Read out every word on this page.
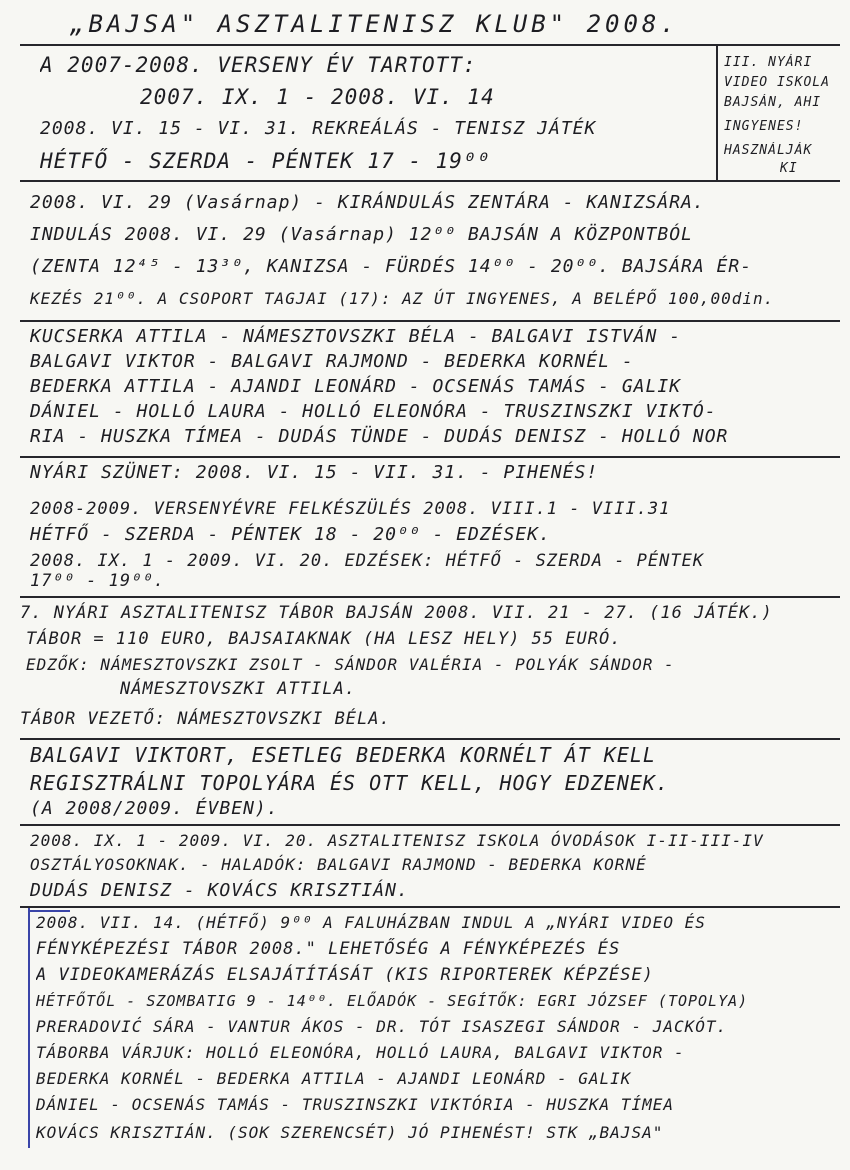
„BAJSA" ASZTALITENISZ KLUB" 2008.
A 2007-2008. VERSENY ÉV TARTOTT:
2007. IX. 1 - 2008. VI. 14
2008. VI. 15 - VI. 31. REKREÁLÁS - TENISZ JÁTÉK
HÉTFŐ - SZERDA - PÉNTEK 17 - 19⁰⁰
III. NYÁRI
VIDEO ISKOLA
BAJSÁN, AHI
INGYENES!
HASZNÁLJÁK
KI
2008. VI. 29 (Vasárnap) - KIRÁNDULÁS ZENTÁRA - KANIZSÁRA.
INDULÁS 2008. VI. 29 (Vasárnap) 12⁰⁰ BAJSÁN A KÖZPONTBÓL
(ZENTA 12⁴⁵ - 13³⁰, KANIZSA - FÜRDÉS 14⁰⁰ - 20⁰⁰. BAJSÁRA ÉR-
KEZÉS 21⁰⁰. A CSOPORT TAGJAI (17): AZ ÚT INGYENES, A BELÉPŐ 100,00din.
KUCSERKA ATTILA - NÁMESZTOVSZKI BÉLA - BALGAVI ISTVÁN -
BALGAVI VIKTOR - BALGAVI RAJMOND - BEDERKA KORNÉL -
BEDERKA ATTILA - AJANDI LEONÁRD - OCSENÁS TAMÁS - GALIK
DÁNIEL - HOLLÓ LAURA - HOLLÓ ELEONÓRA - TRUSZINSZKI VIKTÓ-
RIA - HUSZKA TÍMEA - DUDÁS TÜNDE - DUDÁS DENISZ - HOLLÓ NOR
NYÁRI SZÜNET: 2008. VI. 15 - VII. 31. - PIHENÉS!
2008-2009. VERSENYÉVRE FELKÉSZÜLÉS 2008. VIII.1 - VIII.31
HÉTFŐ - SZERDA - PÉNTEK 18 - 20⁰⁰ - EDZÉSEK.
2008. IX. 1 - 2009. VI. 20. EDZÉSEK: HÉTFŐ - SZERDA - PÉNTEK
17⁰⁰ - 19⁰⁰.
7. NYÁRI ASZTALITENISZ TÁBOR BAJSÁN 2008. VII. 21 - 27. (16 JÁTÉK.)
TÁBOR = 110 EURO, BAJSAIAKNAK (HA LESZ HELY) 55 EURÓ.
EDZŐK: NÁMESZTOVSZKI ZSOLT - SÁNDOR VALÉRIA - POLYÁK SÁNDOR -
NÁMESZTOVSZKI ATTILA.
TÁBOR VEZETŐ: NÁMESZTOVSZKI BÉLA.
BALGAVI VIKTORT, ESETLEG BEDERKA KORNÉLT ÁT KELL
REGISZTRÁLNI TOPOLYÁRA ÉS OTT KELL, HOGY EDZENEK.
(A 2008/2009. ÉVBEN).
2008. IX. 1 - 2009. VI. 20. ASZTALITENISZ ISKOLA ÓVODÁSOK I-II-III-IV
OSZTÁLYOSOKNAK. - HALADÓK: BALGAVI RAJMOND - BEDERKA KORNÉ
DUDÁS DENISZ - KOVÁCS KRISZTIÁN.
2008. VII. 14. (HÉTFŐ) 9⁰⁰ A FALUHÁZBAN INDUL A „NYÁRI VIDEO ÉS
FÉNYKÉPEZÉSI TÁBOR 2008." LEHETŐSÉG A FÉNYKÉPEZÉS ÉS
A VIDEOKAMERÁZÁS ELSAJÁTÍTÁSÁT (KIS RIPORTEREK KÉPZÉSE)
HÉTFŐTŐL - SZOMBATIG 9 - 14⁰⁰. ELŐADÓK - SEGÍTŐK: EGRI JÓZSEF (TOPOLYA)
PRERADOVIĆ SÁRA - VANTUR ÁKOS - DR. TÓT ISASZEGI SÁNDOR - JACKÓT.
TÁBORBA VÁRJUK: HOLLÓ ELEONÓRA, HOLLÓ LAURA, BALGAVI VIKTOR -
BEDERKA KORNÉL - BEDERKA ATTILA - AJANDI LEONÁRD - GALIK
DÁNIEL - OCSENÁS TAMÁS - TRUSZINSZKI VIKTÓRIA - HUSZKA TÍMEA
KOVÁCS KRISZTIÁN. (SOK SZERENCSÉT) JÓ PIHENÉST! STK „BAJSA"
